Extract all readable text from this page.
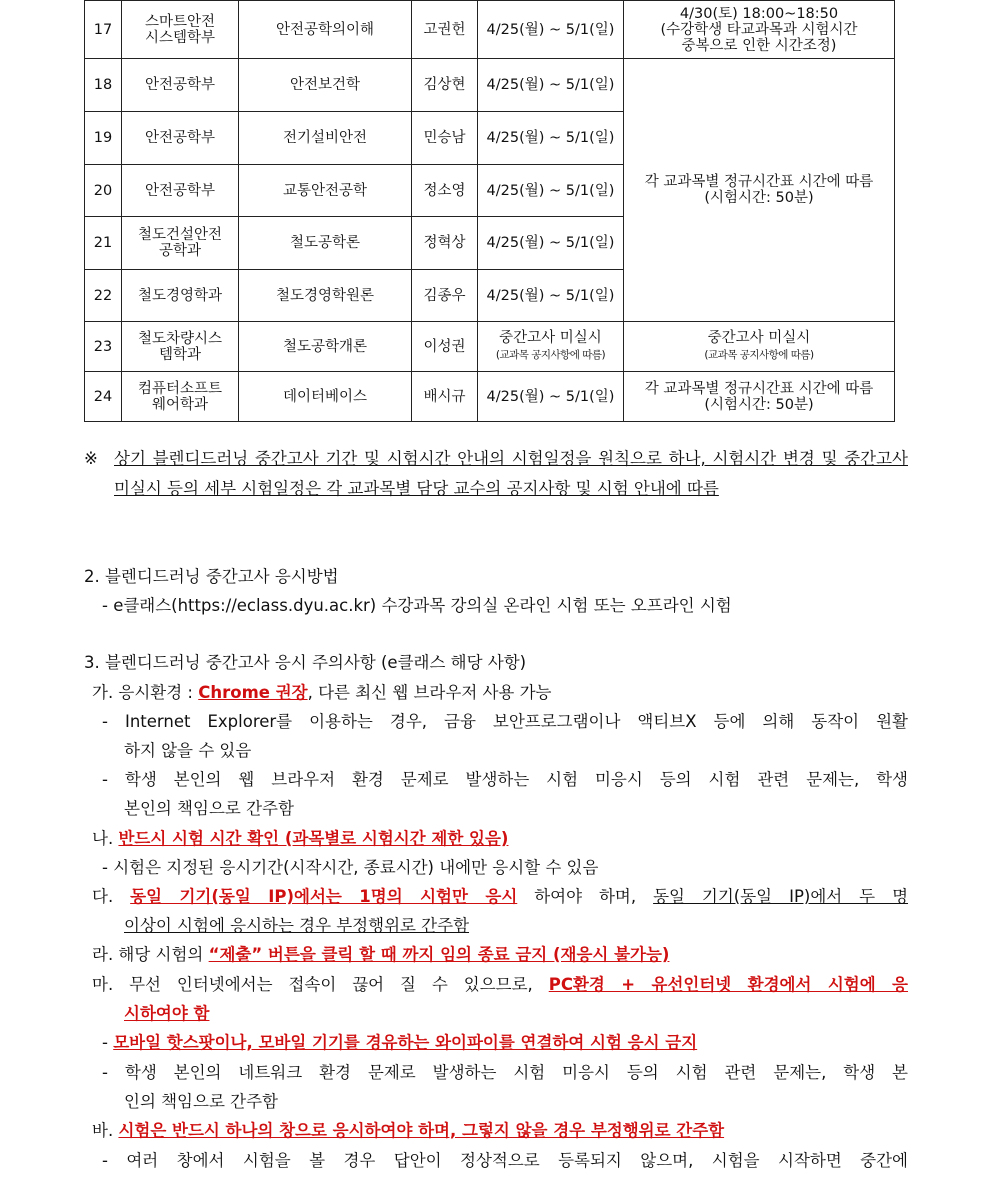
17	스마트안전
시스템학부	안전공학의이해	고권헌	4/25(월) ~ 5/1(일)	4/30(토) 18:00~18:50
(수강학생 타교과목과 시험시간
중복으로 인한 시간조정)
18	안전공학부	안전보건학	김상현	4/25(월) ~ 5/1(일)	각 교과목별 정규시간표 시간에 따름
(시험시간: 50분)
19	안전공학부	전기설비안전	민승남	4/25(월) ~ 5/1(일)	
20	안전공학부	교통안전공학	정소영	4/25(월) ~ 5/1(일)	
21	철도건설안전
공학과	철도공학론	정혁상	4/25(월) ~ 5/1(일)	
22	철도경영학과	철도경영학원론	김종우	4/25(월) ~ 5/1(일)	
23	철도차량시스
템학과	철도공학개론	이성권	중간고사 미실시
(교과목 공지사항에 따름)	중간고사 미실시
(교과목 공지사항에 따름)
24	컴퓨터소프트
웨어학과	데이터베이스	배시규	4/25(월) ~ 5/1(일)	각 교과목별 정규시간표 시간에 따름
(시험시간: 50분)
※ 상기 블렌디드러닝 중간고사 기간 및 시험시간 안내의 시험일정을 원칙으로 하나, 시험시간 변경 및 중간고사 미실시 등의 세부 시험일정은 각 교과목별 담당 교수의 공지사항 및 시험 안내에 따름
2. 블렌디드러닝 중간고사 응시방법
- e클래스(https://eclass.dyu.ac.kr) 수강과목 강의실 온라인 시험 또는 오프라인 시험
3. 블렌디드러닝 중간고사 응시 주의사항 (e클래스 해당 사항)
가. 응시환경 : Chrome 권장, 다른 최신 웹 브라우저 사용 가능
- Internet Explorer를 이용하는 경우, 금융 보안프로그램이나 액티브X 등에 의해 동작이 원활
하지 않을 수 있음
- 학생 본인의 웹 브라우저 환경 문제로 발생하는 시험 미응시 등의 시험 관련 문제는, 학생
본인의 책임으로 간주함
나. 반드시 시험 시간 확인 (과목별로 시험시간 제한 있음)
- 시험은 지정된 응시기간(시작시간, 종료시간) 내에만 응시할 수 있음
다. 동일 기기(동일 IP)에서는 1명의 시험만 응시 하여야 하며, 동일 기기(동일 IP)에서 두 명
이상이 시험에 응시하는 경우 부정행위로 간주함
라. 해당 시험의 “제출” 버튼을 클릭 할 때 까지 임의 종료 금지 (재응시 불가능)
마. 무선 인터넷에서는 접속이 끊어 질 수 있으므로, PC환경 + 유선인터넷 환경에서 시험에 응
시하여야 함
- 모바일 핫스팟이나, 모바일 기기를 경유하는 와이파이를 연결하여 시험 응시 금지
- 학생 본인의 네트워크 환경 문제로 발생하는 시험 미응시 등의 시험 관련 문제는, 학생 본
인의 책임으로 간주함
바. 시험은 반드시 하나의 창으로 응시하여야 하며, 그렇지 않을 경우 부정행위로 간주함
- 여러 창에서 시험을 볼 경우 답안이 정상적으로 등록되지 않으며, 시험을 시작하면 중간에
